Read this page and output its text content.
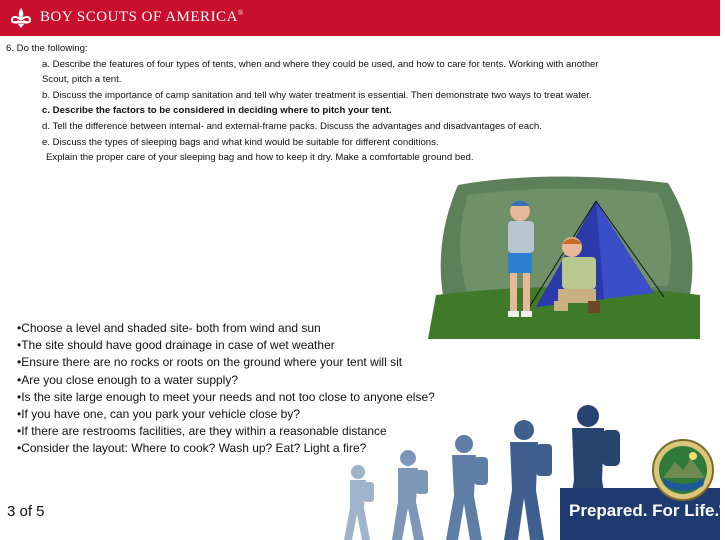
BOY SCOUTS OF AMERICA®
6. Do the following:
a. Describe the features of four types of tents, when and where they could be used, and how to care for tents. Working with another
Scout, pitch a tent.
b. Discuss the importance of camp sanitation and tell why water treatment is essential. Then demonstrate two ways to treat water.
c. Describe the factors to be considered in deciding where to pitch your tent.
d. Tell the difference between internal- and external-frame packs. Discuss the advantages and disadvantages of each.
e. Discuss the types of sleeping bags and what kind would be suitable for different conditions.
Explain the proper care of your sleeping bag and how to keep it dry. Make a comfortable ground bed.
•Choose a level and shaded site- both from wind and sun
•The site should have good drainage in case of wet weather
•Ensure there are no rocks or roots on the ground where your tent will sit
•Are you close enough to a water supply?
•Is the site large enough to meet your needs and not too close to anyone else?
•If you have one, can you park your vehicle close by?
•If there are restrooms facilities, are they within a reasonable distance
•Consider the layout: Where to cook? Wash up? Eat? Light a fire?
Prepared. For Life.®
3 of 5
